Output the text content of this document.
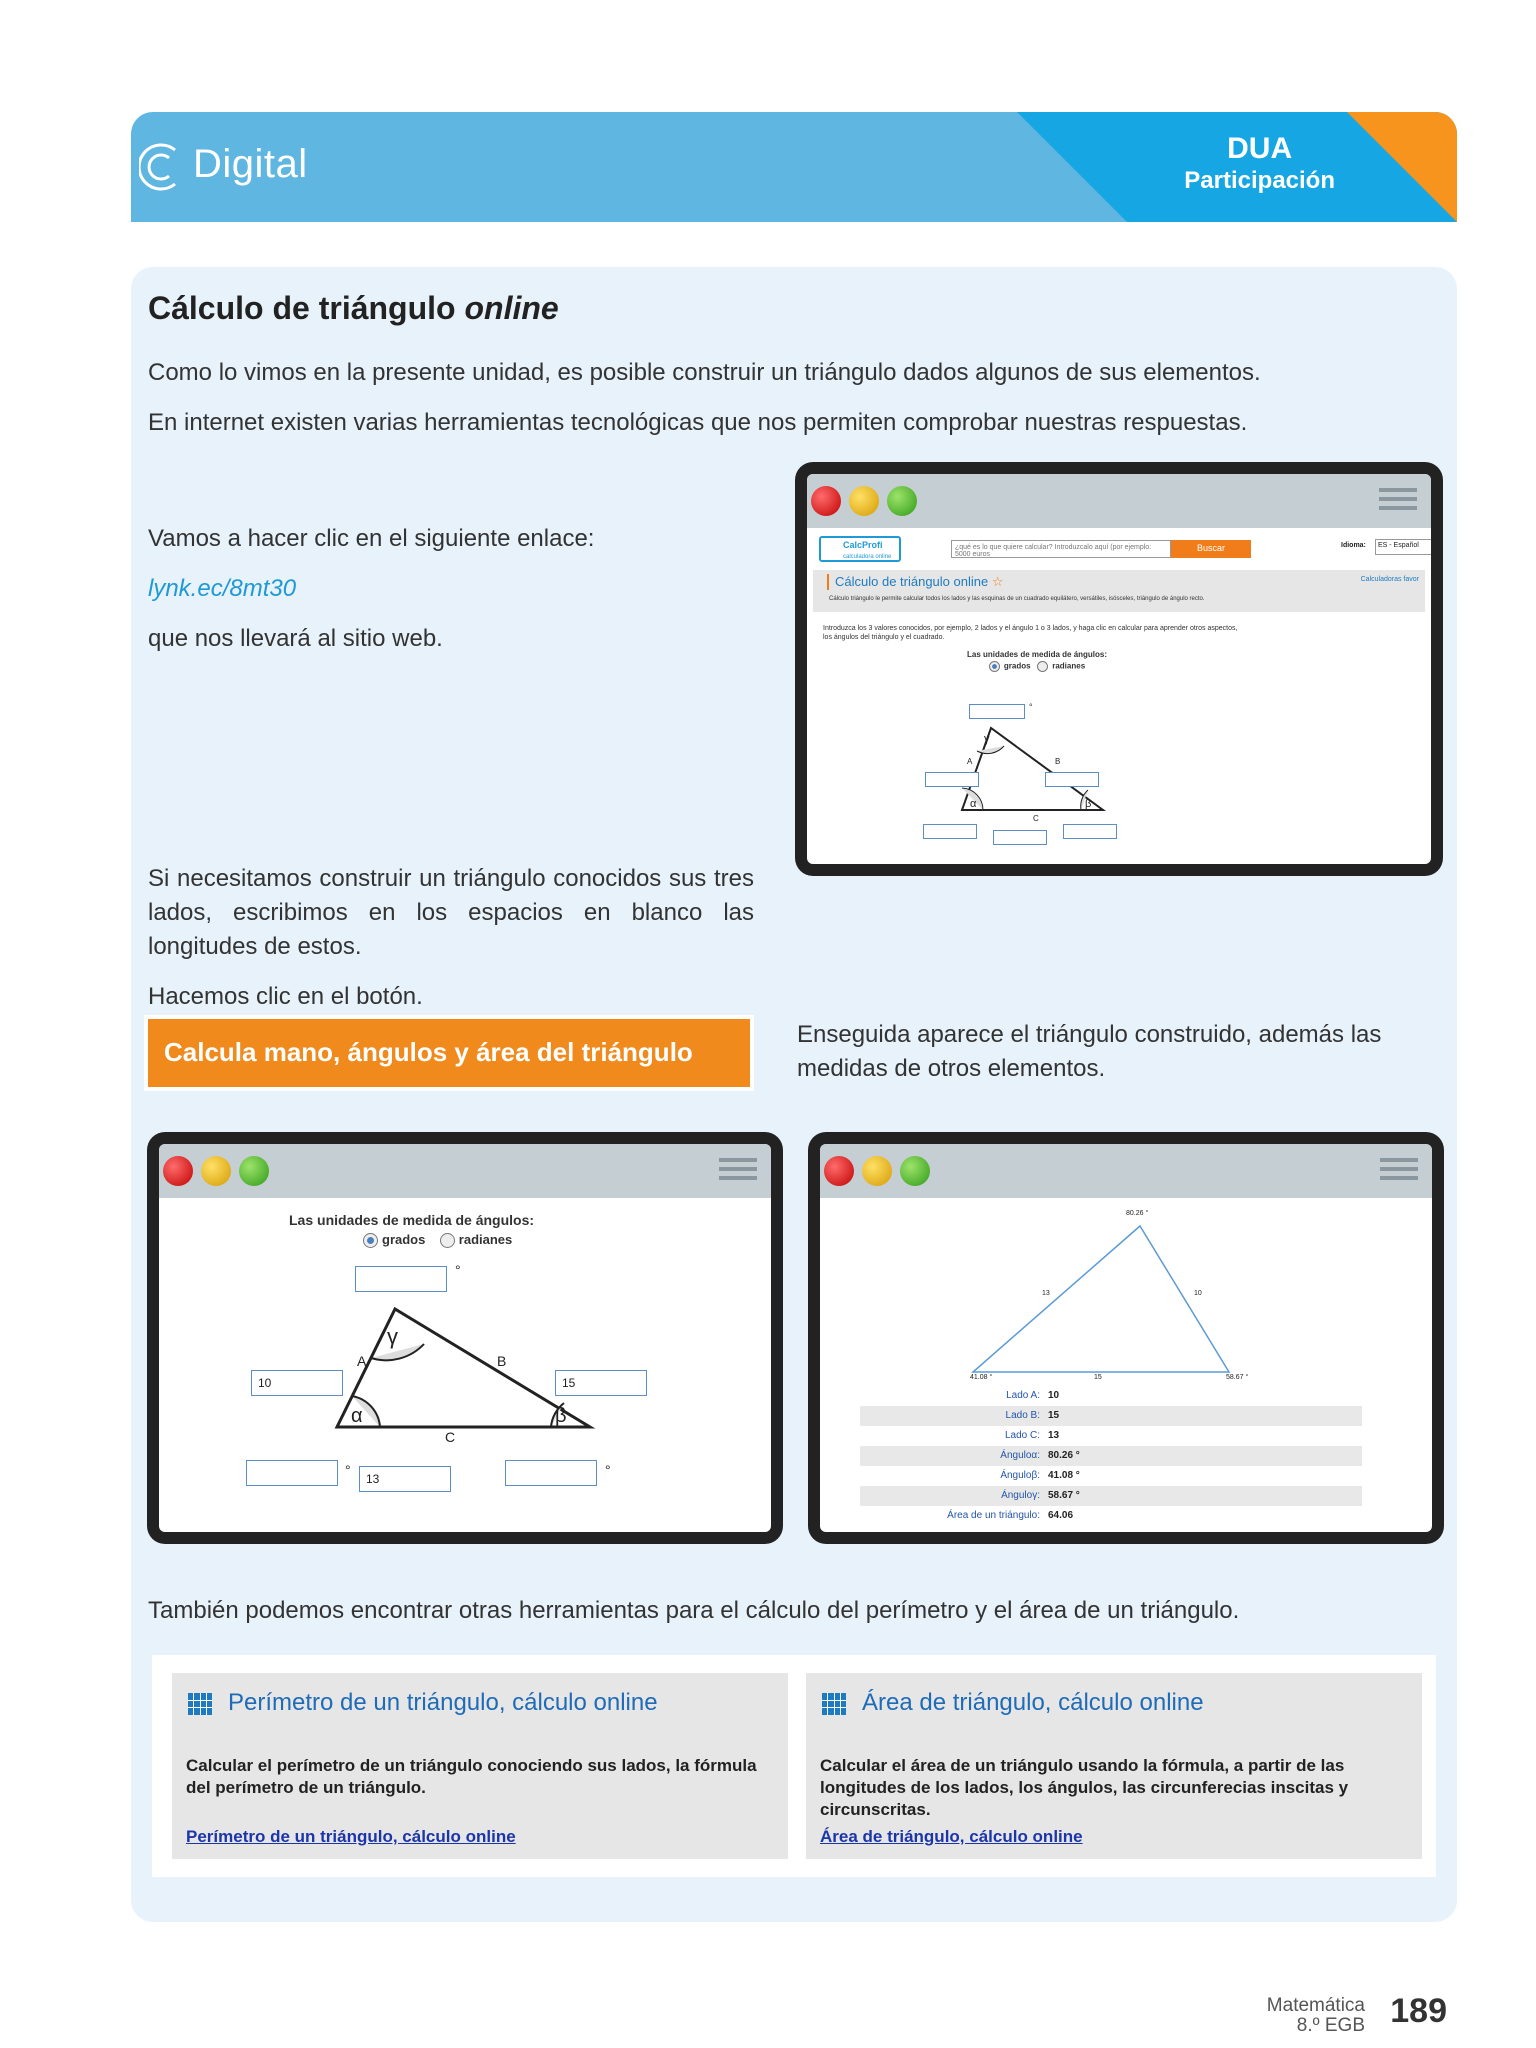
Digital	DUA
Participación
Cálculo de triángulo online
Como lo vimos en la presente unidad, es posible construir un triángulo dados algunos de sus elementos.
En internet existen varias herramientas tecnológicas que nos permiten comprobar nuestras respuestas.
Vamos a hacer clic en el siguiente enlace:
lynk.ec/8mt30
que nos llevará al sitio web.
Si necesitamos construir un triángulo conocidos sus tres lados, escribimos en los espacios en blanco las longitudes de estos.
Hacemos clic en el botón.
Calcula mano, ángulos y área del triángulo
Enseguida aparece el triángulo construido, además las medidas de otros elementos.
CalcProfi
calculadora online
¿qué es lo que quiere calcular? Introduzcalo aquí (por ejemplo: 5000 euros
Buscar	Idioma:	ES - Español
Cálculo de triángulo online ☆	Calculadoras favor
Cálculo triángulo le permite calcular todos los lados y las esquinas de un cuadrado equilátero, versátiles, isósceles, triángulo de ángulo recto.
Introduzca los 3 valores conocidos, por ejemplo, 2 lados y el ángulo 1 o 3 lados, y haga clic en calcular para aprender otros aspectos, los ángulos del triángulo y el cuadrado.
Las unidades de medida de ángulos:
grados	radianes
γ
α	β
A	B
C
°
Las unidades de medida de ángulos:
grados	radianes
γ
α	β
A	B
C
°
10	15
°
13
°
80.26 °
13	10
41.08 °	15	58.67 °
Lado A: 10
Lado B: 15
Lado C: 13
Ánguloα: 80.26 °
Ánguloβ: 41.08 °
Ánguloγ: 58.67 °
Área de un triángulo: 64.06
También podemos encontrar otras herramientas para el cálculo del perímetro y el área de un triángulo.
Perímetro de un triángulo, cálculo online
Calcular el perímetro de un triángulo conociendo sus lados, la fórmula del perímetro de un triángulo.
Perímetro de un triángulo, cálculo online
Área de triángulo, cálculo online
Calcular el área de un triángulo usando la fórmula, a partir de las longitudes de los lados, los ángulos, las circunferecias inscitas y circunscritas.
Área de triángulo, cálculo online
Matemática
8.º EGB 189
